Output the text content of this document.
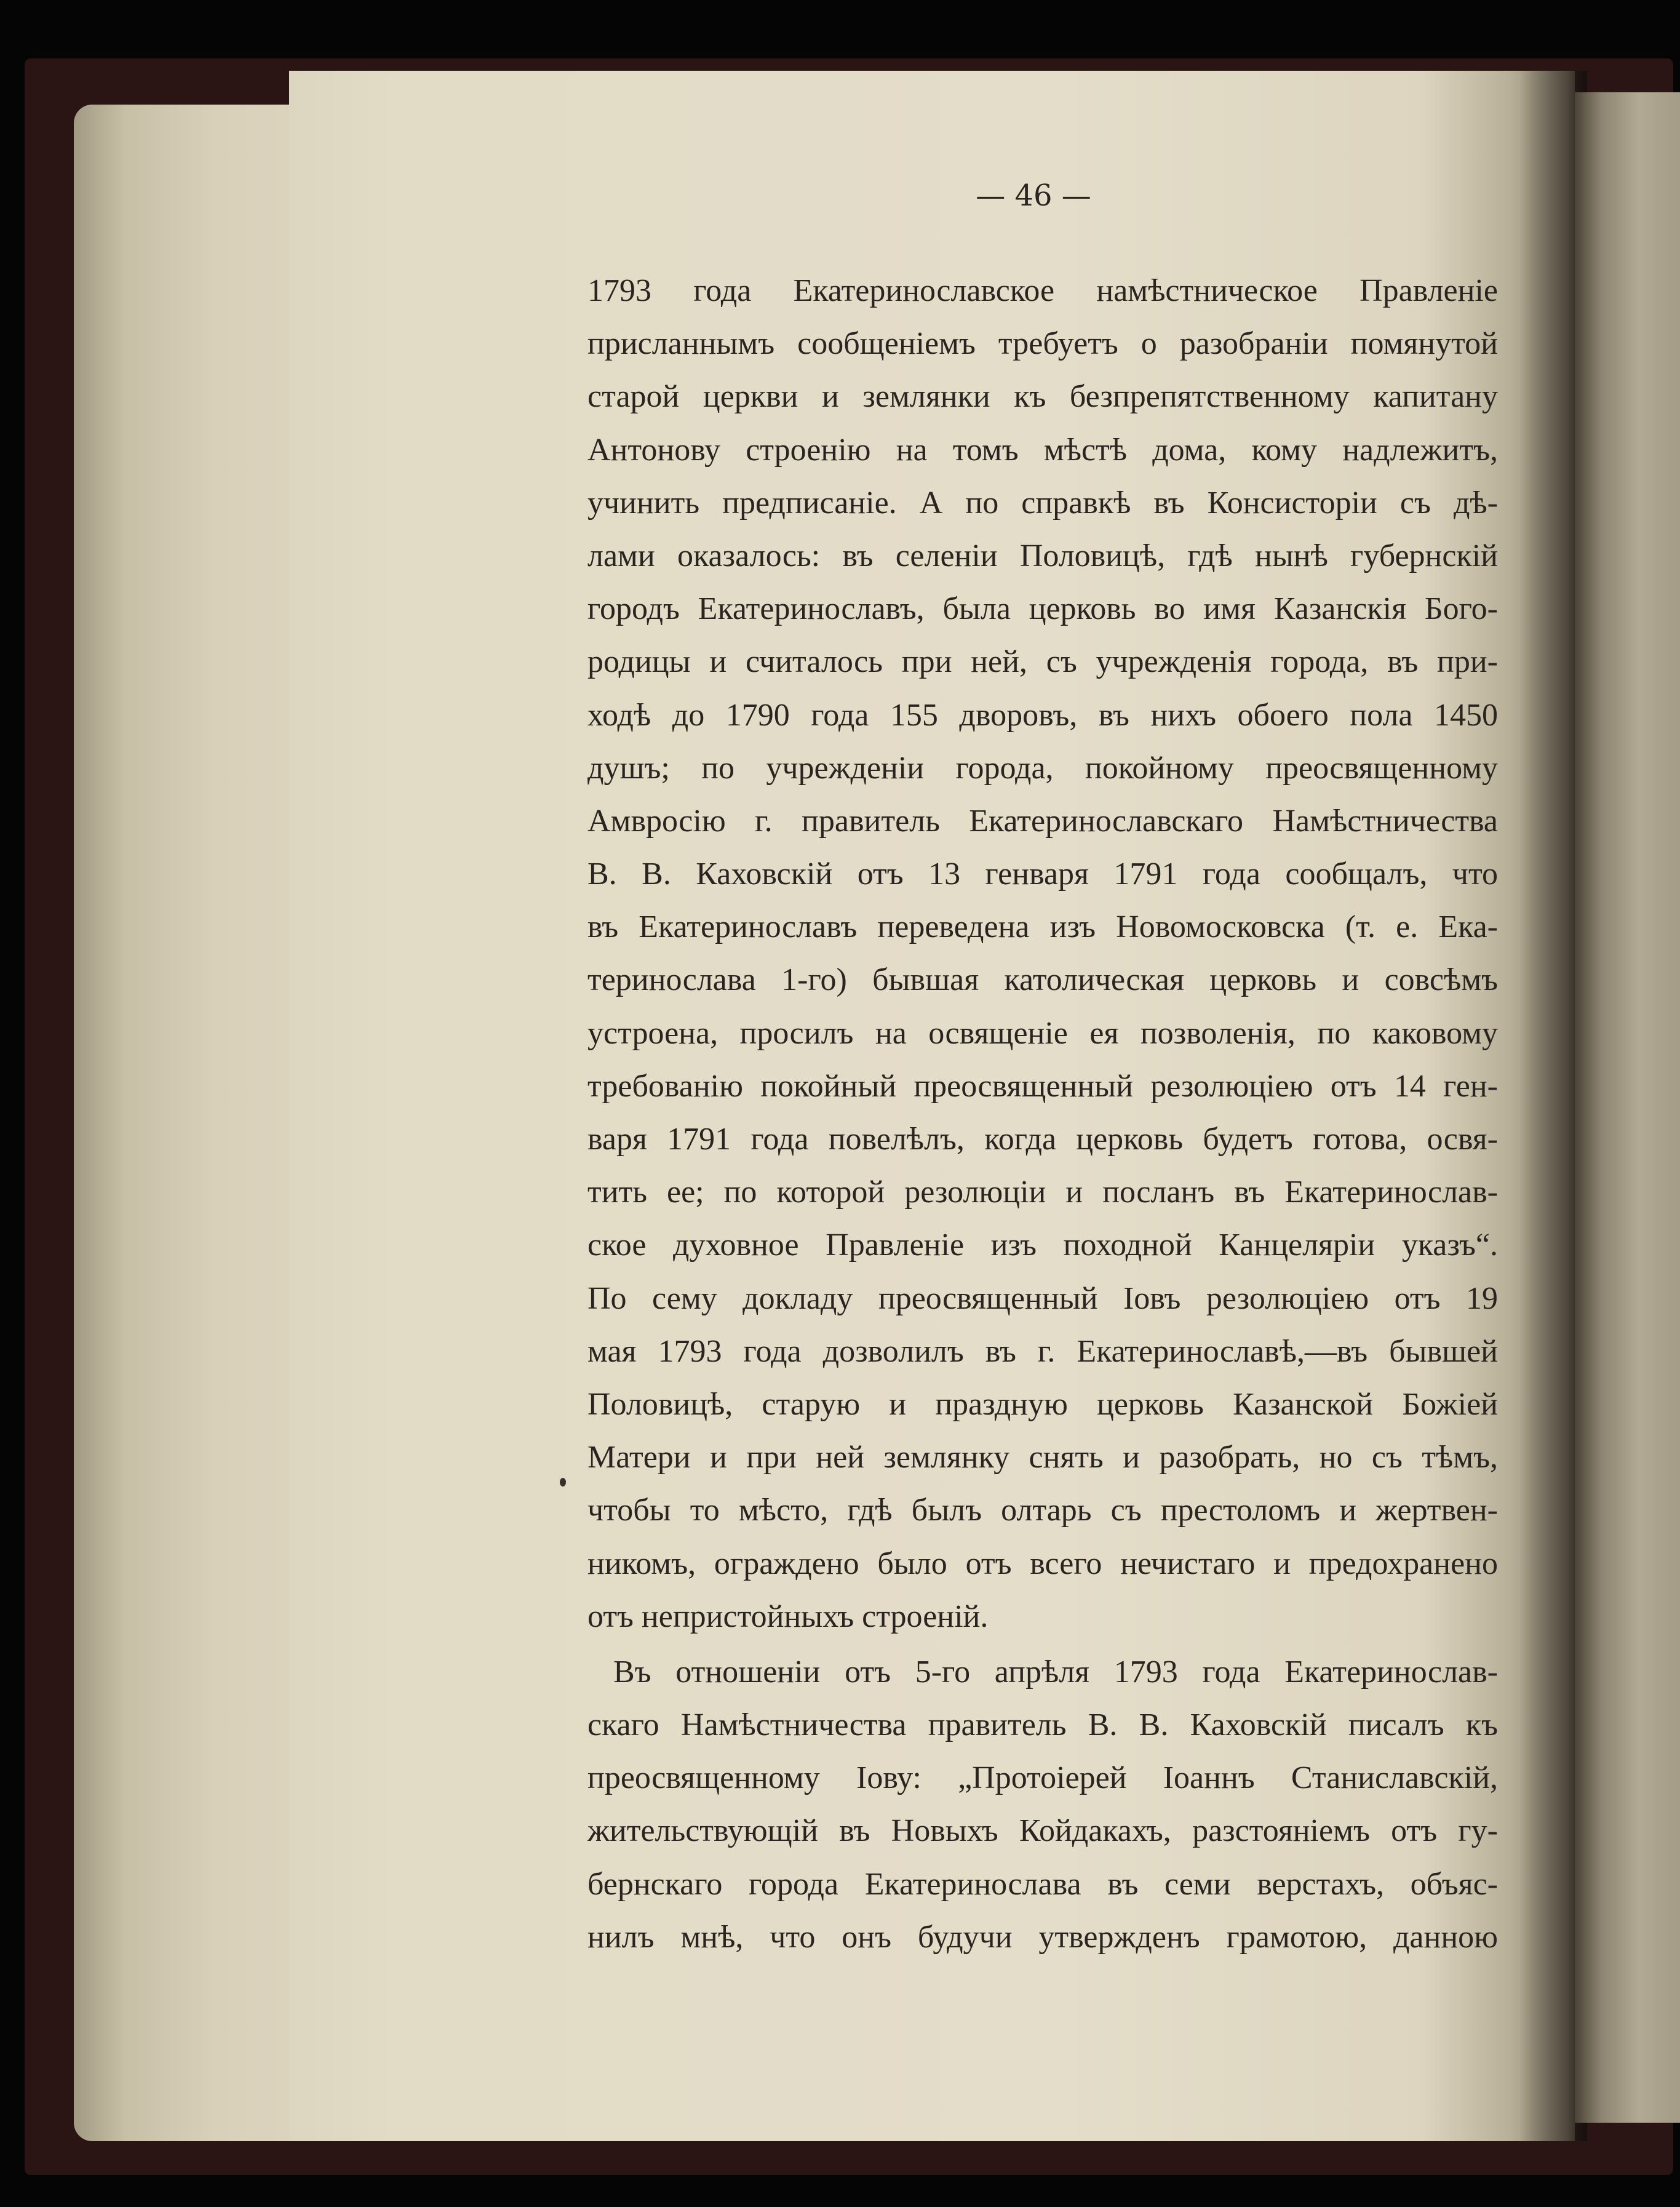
— 46 —

1793 года Екатеринославское намѣстническое Правленіе
присланнымъ сообщеніемъ требуетъ о разобраніи помянутой
старой церкви и землянки къ безпрепятственному капитану
Антонову строенію на томъ мѣстѣ дома, кому надлежитъ,
учинить предписаніе. А по справкѣ въ Консисторіи съ дѣ-
лами оказалось: въ селеніи Половицѣ, гдѣ нынѣ губернскій
городъ Екатеринославъ, была церковь во имя Казанскія Бого-
родицы и считалось при ней, съ учрежденія города, въ при-
ходѣ до 1790 года 155 дворовъ, въ нихъ обоего пола 1450
душъ; по учрежденіи города, покойному преосвященному
Амвросію г. правитель Екатеринославскаго Намѣстничества
В. В. Каховскій отъ 13 генваря 1791 года сообщалъ, что
въ Екатеринославъ переведена изъ Новомосковска (т. е. Ека-
теринослава 1-го) бывшая католическая церковь и совсѣмъ
устроена, просилъ на освященіе ея позволенія, по каковому
требованію покойный преосвященный резолюціею отъ 14 ген-
варя 1791 года повелѣлъ, когда церковь будетъ готова, освя-
тить ее; по которой резолюціи и посланъ въ Екатеринослав-
ское духовное Правленіе изъ походной Канцеляріи указъ“.
По сему докладу преосвященный Іовъ резолюціею отъ 19
мая 1793 года дозволилъ въ г. Екатеринославѣ,—въ бывшей
Половицѣ, старую и праздную церковь Казанской Божіей
Матери и при ней землянку снять и разобрать, но съ тѣмъ,
чтобы то мѣсто, гдѣ былъ олтарь съ престоломъ и жертвен-
никомъ, ограждено было отъ всего нечистаго и предохранено
отъ непристойныхъ строеній.
Въ отношеніи отъ 5-го апрѣля 1793 года Екатеринослав-
скаго Намѣстничества правитель В. В. Каховскій писалъ къ
преосвященному Іову: „Протоіерей Іоаннъ Станиславскій,
жительствующій въ Новыхъ Койдакахъ, разстояніемъ отъ гу-
бернскаго города Екатеринослава въ семи верстахъ, объяс-
нилъ мнѣ, что онъ будучи утвержденъ грамотою, данною
